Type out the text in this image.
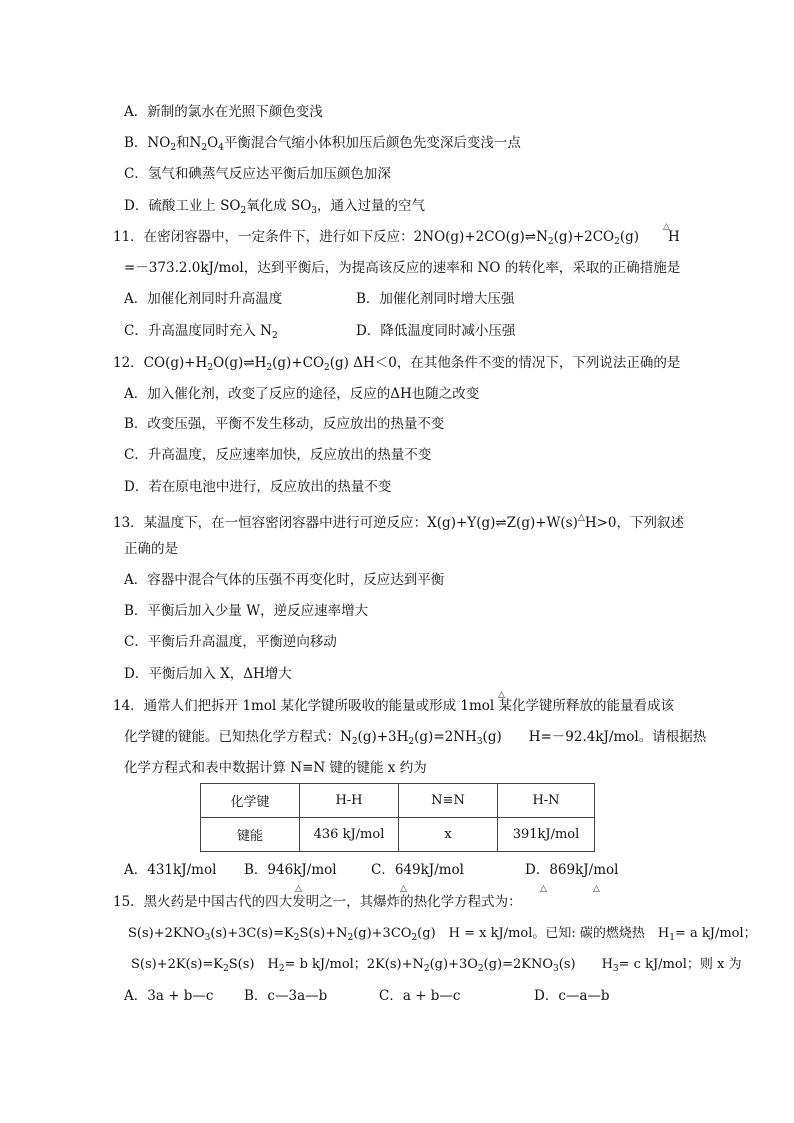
A．新制的氯水在光照下颜色变浅
B．$NO_2$和$N_2O_4$平衡混合气缩小体积加压后颜色先变深后变浅一点
C．氢气和碘蒸气反应达平衡后加压颜色加深
D．硫酸工业上 $SO_2$氧化成 $SO_3$，通入过量的空气
11．在密闭容器中，一定条件下，进行如下反应：$2NO(g)+2CO(g)\rightleftharpoons N_2(g)+2CO_2(g)$
△
H
=－373.2.0kJ/mol，达到平衡后，为提高该反应的速率和 NO 的转化率，采取的正确措施是
A．加催化剂同时升高温度	B．加催化剂同时增大压强
C．升高温度同时充入 $N_2$	D．降低温度同时减小压强
12．$CO(g)+H_2O(g)\rightleftharpoons H_2(g)+CO_2(g)$ ΔH＜0，在其他条件不变的情况下，下列说法正确的是
A．加入催化剂，改变了反应的途径，反应的ΔH也随之改变
B．改变压强，平衡不发生移动，反应放出的热量不变
C．升高温度，反应速率加快，反应放出的热量不变
D．若在原电池中进行，反应放出的热量不变
13．某温度下，在一恒容密闭容器中进行可逆反应：X(g)+Y(g)⇌Z(g)+W(s)△H>0，下列叙述
正确的是
A．容器中混合气体的压强不再变化时，反应达到平衡
B．平衡后加入少量 W，逆反应速率增大
C．平衡后升高温度，平衡逆向移动
D．平衡后加入 X，ΔH增大
14．通常人们把拆开 1mol 某化学键所吸收的能量或形成 1mol 某化学键所释放的能量看成该
△
化学键的键能。已知热化学方程式：$N_2(g)+3H_2(g)=2NH_3(g)$　　H=－92.4kJ/mol。请根据热
化学方程式和表中数据计算 N≡N 键的键能 x 约为
化学键	H-H	N≡N	H-N
键能	436 kJ/mol	x	391kJ/mol
A．431kJ/mol B．946kJ/mol	C．649kJ/mol	D．869kJ/mol
△	△	△	△
15．黑火药是中国古代的四大发明之一，其爆炸的热化学方程式为：
$S(s)+2KNO_3(s)+3C(s)=K_2S(s)+N_2(g)+3CO_2(g)$　H = x kJ/mol。已知: 碳的燃烧热　$H_1= a$ kJ/mol；
$S(s)+2K(s)=K_2S(s)$　$H_2= b$ kJ/mol；$2K(s)+N_2(g)+3O_2(g)=2KNO_3(s)$　　$H_3= c$ kJ/mol；则 x 为
A．3a + b—c B．c—3a—b	C．a + b—c	D．c—a—b
